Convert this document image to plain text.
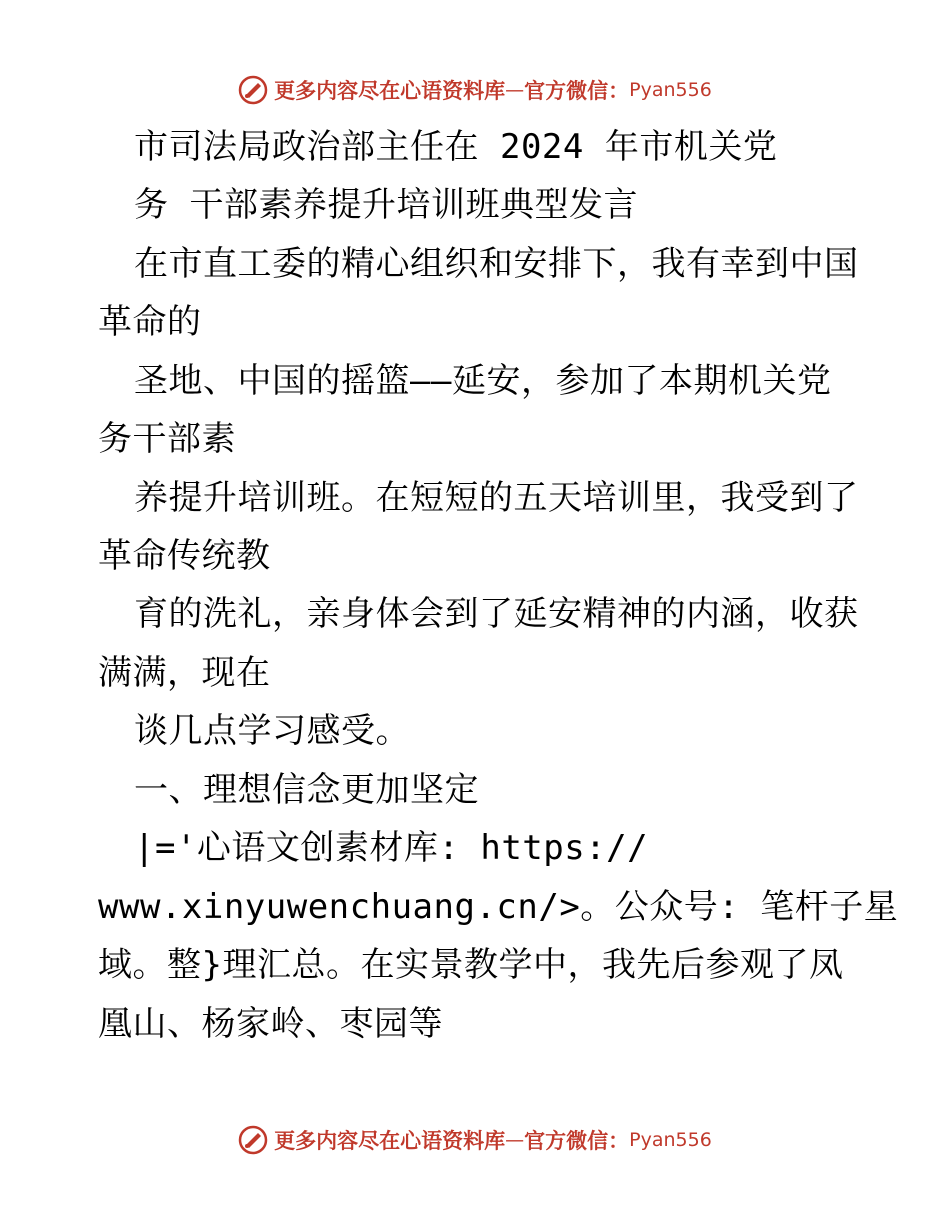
更多内容尽在心语资料库 — 官方微信： Pyan556
市司法局政治部主任在 2024 年市机关党
务 干部素养提升培训班典型发言
在市直工委的精心组织和安排下，我有幸到中国
革命的
圣地、中国的摇篮——延安，参加了本期机关党
务干部素
养提升培训班。在短短的五天培训里，我受到了
革命传统教
育的洗礼，亲身体会到了延安精神的内涵，收获
满满，现在
谈几点学习感受。
一、理想信念更加坚定
|='心语文创素材库: https://
www.xinyuwenchuang.cn/>。公众号: 笔杆子星
域。整}理汇总。在实景教学中，我先后参观了凤
凰山、杨家岭、枣园等
更多内容尽在心语资料库 — 官方微信： Pyan556
